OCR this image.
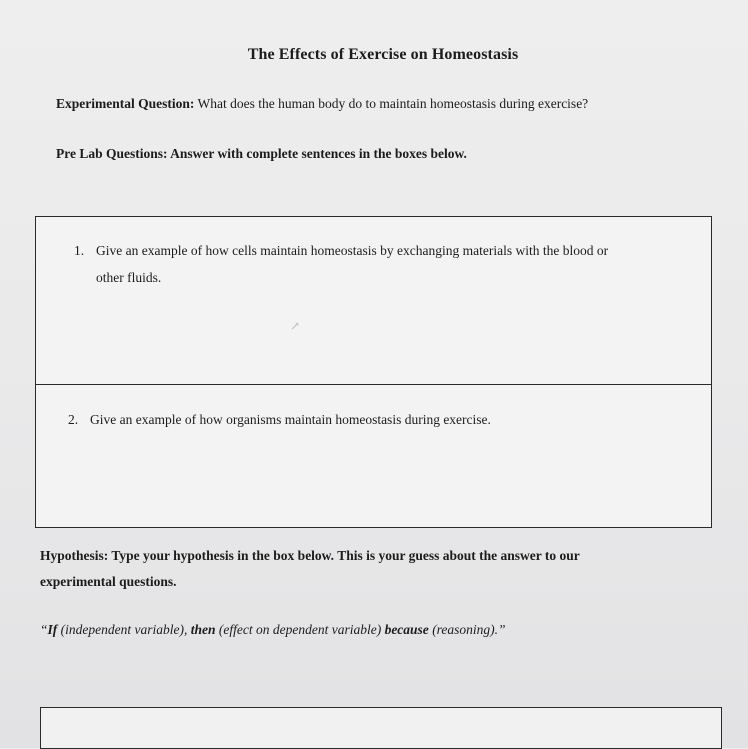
The Effects of Exercise on Homeostasis
Experimental Question: What does the human body do to maintain homeostasis during exercise?
Pre Lab Questions: Answer with complete sentences in the boxes below.
1. Give an example of how cells maintain homeostasis by exchanging materials with the blood or
other fluids.
↗
2. Give an example of how organisms maintain homeostasis during exercise.
Hypothesis: Type your hypothesis in the box below. This is your guess about the answer to our
experimental questions.
“If (independent variable), then (effect on dependent variable) because (reasoning).”
